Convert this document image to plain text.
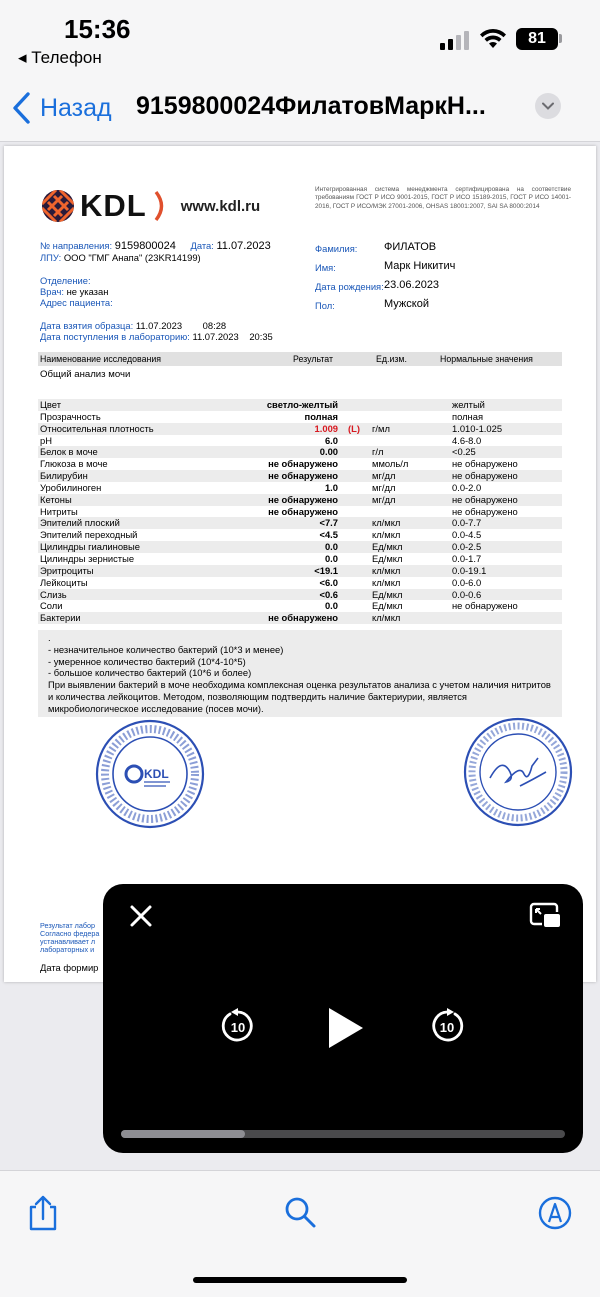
15:36
◂ Телефон
81
Назад 9159800024ФилатовМаркН...
KDL www.kdl.ru
Интегрированная система менеджмента сертифицирована на соответствие требованиям ГОСТ Р ИСО 9001-2015, ГОСТ Р ИСО 15189-2015, ГОСТ Р ИСО 14001-2016, ГОСТ Р ИСО/МЭК 27001-2006, OHSAS 18001:2007, SAI SA 8000:2014
№ направления: 9159800024 Дата: 11.07.2023
ЛПУ: ООО "ГМГ Анапа" (23KR14199)
Отделение:
Врач: не указан
Адрес пациента:
Дата взятия образца: 11.07.2023 08:28
Дата поступления в лабораторию: 11.07.2023 20:35
Фамилия: ФИЛАТОВ
Имя:	Марк Никитич
Дата рождения: 23.06.2023
Пол:	Мужской
Наименование исследования	Результат	Ед.изм.	Нормальные значения
Общий анализ мочи
Цвет	светло-желтый	желтый
Прозрачность	полная	полная
Относительная плотность	1.009 (L) г/мл	1.010-1.025
pH	6.0	4.6-8.0
Белок в моче	0.00	г/л	<0.25
Глюкоза в моче	не обнаружено	ммоль/л	не обнаружено
Билирубин	не обнаружено	мг/дл	не обнаружено
Уробилиноген	1.0	мг/дл	0.0-2.0
Кетоны	не обнаружено	мг/дл	не обнаружено
Нитриты	не обнаружено	не обнаружено
Эпителий плоский	<7.7	кл/мкл	0.0-7.7
Эпителий переходный	<4.5	кл/мкл	0.0-4.5
Цилиндры гиалиновые	0.0	Ед/мкл	0.0-2.5
Цилиндры зернистые	0.0	Ед/мкл	0.0-1.7
Эритроциты	<19.1	кл/мкл	0.0-19.1
Лейкоциты	<6.0	кл/мкл	0.0-6.0
Слизь	<0.6	Ед/мкл	0.0-0.6
Соли	0.0	Ед/мкл	не обнаружено
Бактерии	не обнаружено	кл/мкл
.
- незначительное количество бактерий (10*3 и менее)
- умеренное количество бактерий (10*4-10*5)
- большое количество бактерий (10*6 и более)
При выявлении бактерий в моче необходима комплексная оценка результатов анализа с учетом наличия нитритов и количества лейкоцитов. Методом, позволяющим подтвердить наличие бактериурии, является микробиологическое исследование (посев мочи).
KDL
Результат лабор
Согласно федера
устанавливает л
лабораторных и
Дата формир
10	10
